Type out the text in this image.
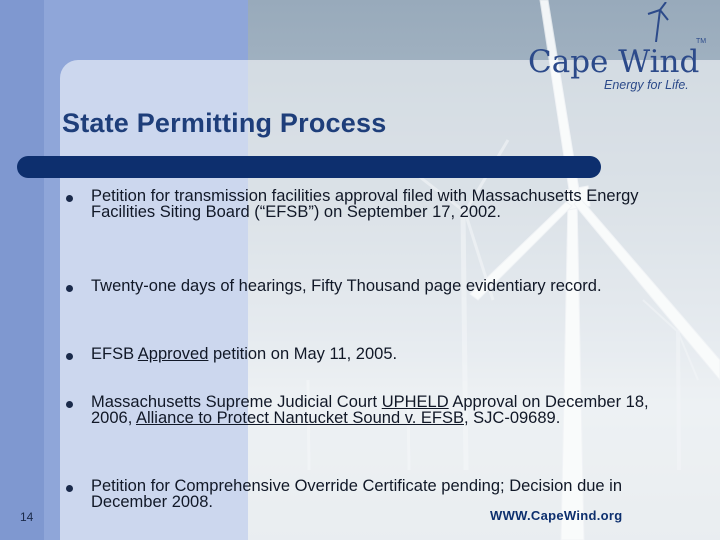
Cape Wind
TM
Energy for Life.
State Permitting Process
Petition for transmission facilities approval filed with Massachusetts Energy Facilities Siting Board (“EFSB”) on September 17, 2002.
Twenty-one days of hearings, Fifty Thousand page evidentiary record.
EFSB Approved petition on May 11, 2005.
Massachusetts Supreme Judicial Court UPHELD Approval on December 18, 2006, Alliance to Protect Nantucket Sound v. EFSB, SJC-09689.
Petition for Comprehensive Override Certificate pending; Decision due in December 2008.
14	WWW.CapeWind.org
